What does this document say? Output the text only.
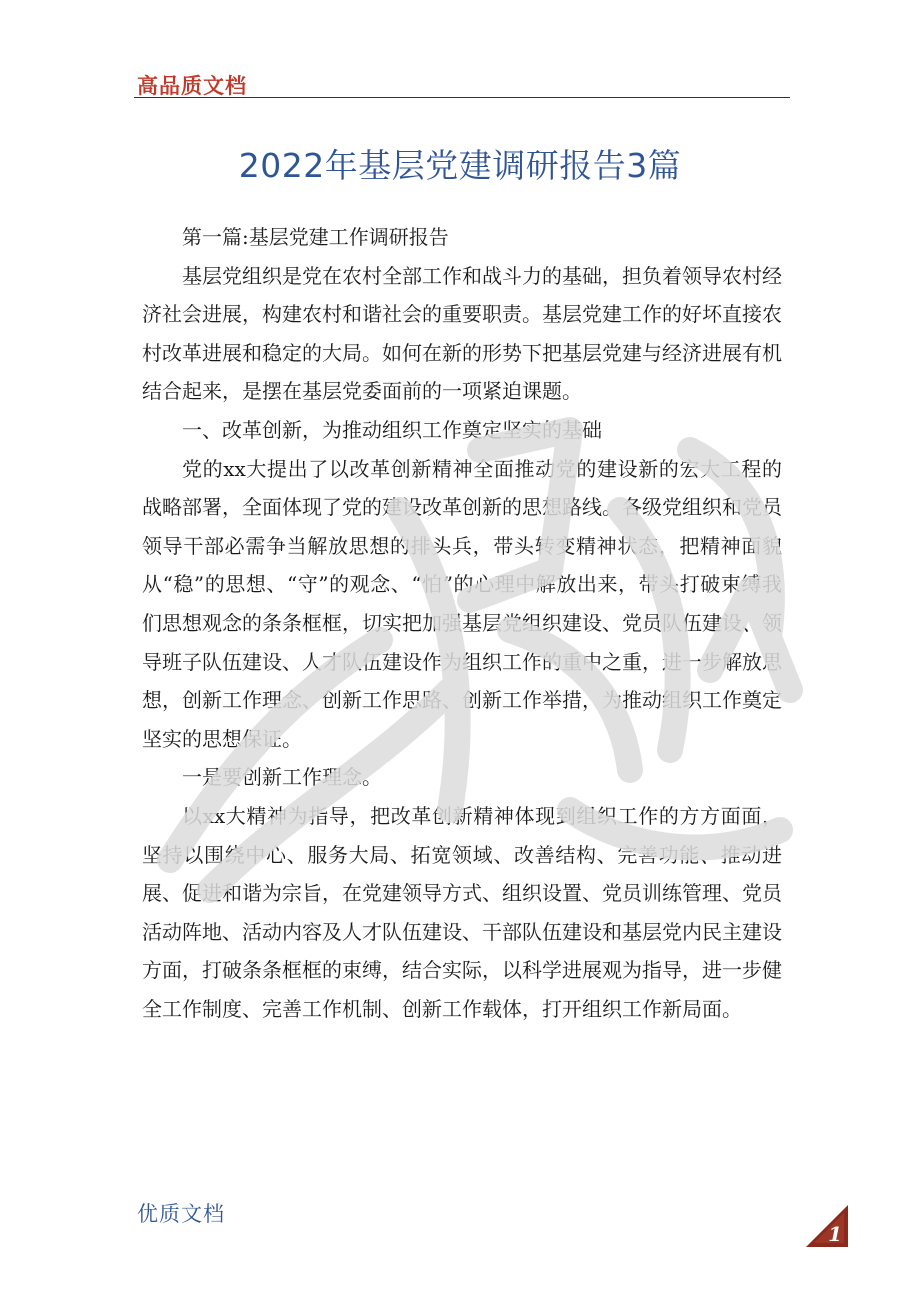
高品质文档
2022年基层党建调研报告3篇

第一篇:基层党建工作调研报告

基层党组织是党在农村全部工作和战斗力的基础，担负着领导农村经济社会进展，构建农村和谐社会的重要职责。基层党建工作的好坏直接农村改革进展和稳定的大局。如何在新的形势下把基层党建与经济进展有机结合起来，是摆在基层党委面前的一项紧迫课题。

一、改革创新，为推动组织工作奠定坚实的基础

党的xx大提出了以改革创新精神全面推动党的建设新的宏大工程的战略部署，全面体现了党的建设改革创新的思想路线。各级党组织和党员领导干部必需争当解放思想的排头兵，带头转变精神状态，把精神面貌从“稳”的思想、“守”的观念、“怕”的心理中解放出来，带头打破束缚我们思想观念的条条框框，切实把加强基层党组织建设、党员队伍建设、领导班子队伍建设、人才队伍建设作为组织工作的重中之重，进一步解放思想，创新工作理念、创新工作思路、创新工作举措，为推动组织工作奠定坚实的思想保证。

一是要创新工作理念。

以xx大精神为指导，把改革创新精神体现到组织工作的方方面面，坚持以围绕中心、服务大局、拓宽领域、改善结构、完善功能、推动进展、促进和谐为宗旨，在党建领导方式、组织设置、党员训练管理、党员活动阵地、活动内容及人才队伍建设、干部队伍建设和基层党内民主建设方面，打破条条框框的束缚，结合实际，以科学进展观为指导，进一步健全工作制度、完善工作机制、创新工作载体，打开组织工作新局面。

优质文档
1
